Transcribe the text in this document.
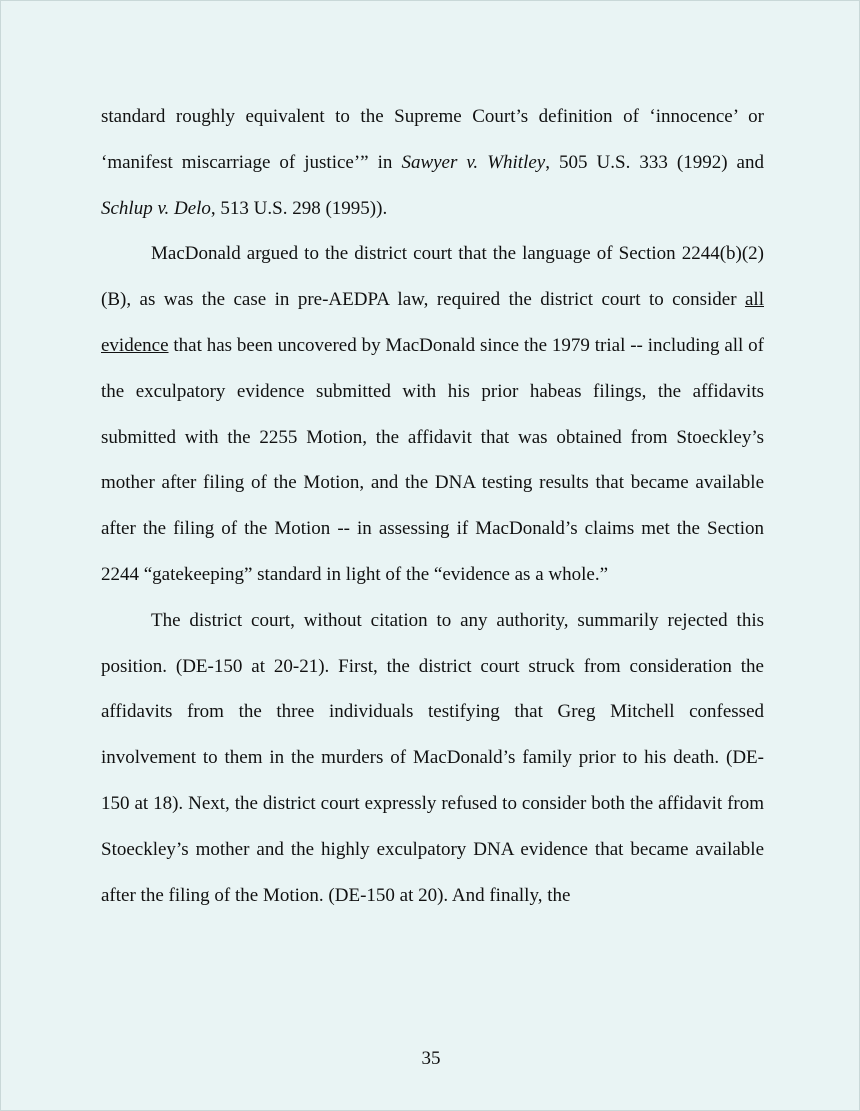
standard roughly equivalent to the Supreme Court’s definition of ‘innocence’ or ‘manifest miscarriage of justice’” in Sawyer v. Whitley, 505 U.S. 333 (1992) and Schlup v. Delo, 513 U.S. 298 (1995)).

MacDonald argued to the district court that the language of Section 2244(b)(2)(B), as was the case in pre-AEDPA law, required the district court to consider all evidence that has been uncovered by MacDonald since the 1979 trial -- including all of the exculpatory evidence submitted with his prior habeas filings, the affidavits submitted with the 2255 Motion, the affidavit that was obtained from Stoeckley’s mother after filing of the Motion, and the DNA testing results that became available after the filing of the Motion -- in assessing if MacDonald’s claims met the Section 2244 “gatekeeping” standard in light of the “evidence as a whole.”

The district court, without citation to any authority, summarily rejected this position. (DE-150 at 20-21). First, the district court struck from consideration the affidavits from the three individuals testifying that Greg Mitchell confessed involvement to them in the murders of MacDonald’s family prior to his death. (DE-150 at 18). Next, the district court expressly refused to consider both the affidavit from Stoeckley’s mother and the highly exculpatory DNA evidence that became available after the filing of the Motion. (DE-150 at 20). And finally, the

35
